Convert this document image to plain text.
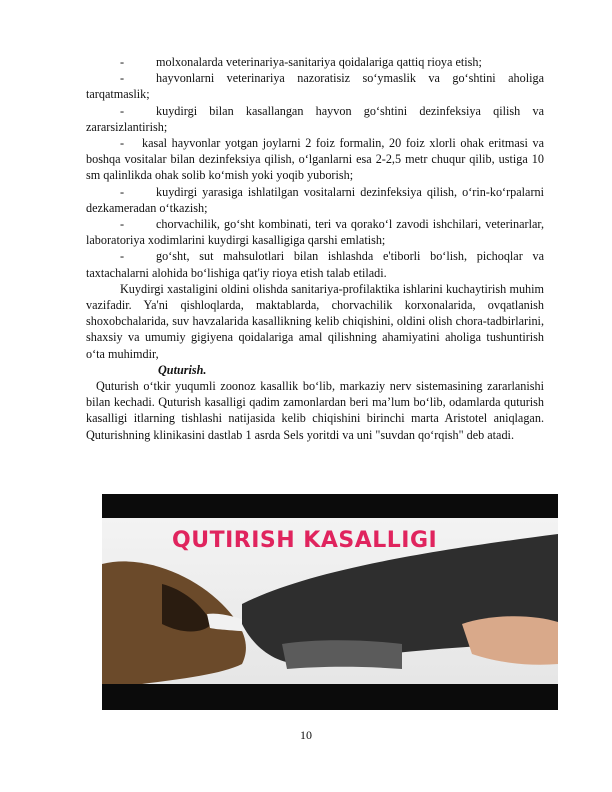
-	molxonalarda veterinariya-sanitariya qoidalariga qattiq rioya etish;

-	hayvonlarni veterinariya nazoratisiz so‘ymaslik va go‘shtini aholiga tarqatmaslik;

-	kuydirgi bilan kasallangan hayvon go‘shtini dezinfeksiya qilish va zararsizlantirish;

- kasal hayvonlar yotgan joylarni 2 foiz formalin, 20 foiz xlorli ohak eritmasi va boshqa vositalar bilan dezinfeksiya qilish, o‘lganlarni esa 2-2,5 metr chuqur qilib, ustiga 10 sm qalinlikda ohak solib ko‘mish yoki yoqib yuborish;

-	kuydirgi yarasiga ishlatilgan vositalarni dezinfeksiya qilish, o‘rin-ko‘rpalarni dezkameradan o‘tkazish;

-	chorvachilik, go‘sht kombinati, teri va qorako‘l zavodi ishchilari, veterinarlar, laboratoriya xodimlarini kuydirgi kasalligiga qarshi emlatish;

-	go‘sht, sut mahsulotlari bilan ishlashda e'tiborli bo‘lish, pichoqlar va taxtachalarni alohida bo‘lishiga qat'iy rioya etish talab etiladi.

Kuydirgi xastaligini oldini olishda sanitariya-profilaktika ishlarini kuchaytirish muhim vazifadir. Ya'ni qishloqlarda, maktablarda, chorvachilik korxonalarida, ovqatlanish shoxobchalarida, suv havzalarida kasallikning kelib chiqishini, oldini olish chora-tadbirlarini, shaxsiy va umumiy gigiyena qoidalariga amal qilishning ahamiyatini aholiga tushuntirish o‘ta muhimdir,

Quturish.

Quturish o‘tkir yuqumli zoonoz kasallik bo‘lib, markaziy nerv sistemasining zararlanishi bilan kechadi. Quturish kasalligi qadim zamonlardan beri ma’lum bo‘lib, odamlarda quturish kasalligi itlarning tishlashi natijasida kelib chiqishini birinchi marta Aristotel aniqlagan. Quturishning klinikasini dastlab 1 asrda Sels yoritdi va uni "suvdan qo‘rqish" deb atadi.

QUTIRISH KASALLIGI
10
